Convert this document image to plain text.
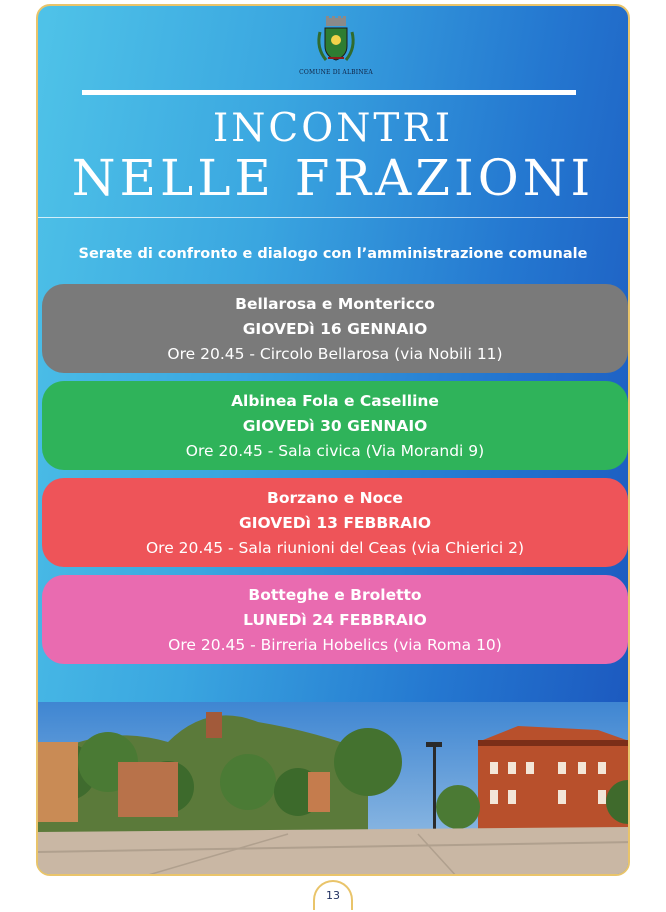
COMUNE DI ALBINEA
INCONTRI
NELLE FRAZIONI
Serate di confronto e dialogo con l’amministrazione comunale
Bellarosa e Montericco
GIOVEDì 16 GENNAIO
Ore 20.45 - Circolo Bellarosa (via Nobili 11)
Albinea Fola e Caselline
GIOVEDì 30 GENNAIO
Ore 20.45 - Sala civica (Via Morandi 9)
Borzano e Noce
GIOVEDì 13 FEBBRAIO
Ore 20.45 - Sala riunioni del Ceas (via Chierici 2)
Botteghe e Broletto
LUNEDì 24 FEBBRAIO
Ore 20.45 - Birreria Hobelics (via Roma 10)
13
